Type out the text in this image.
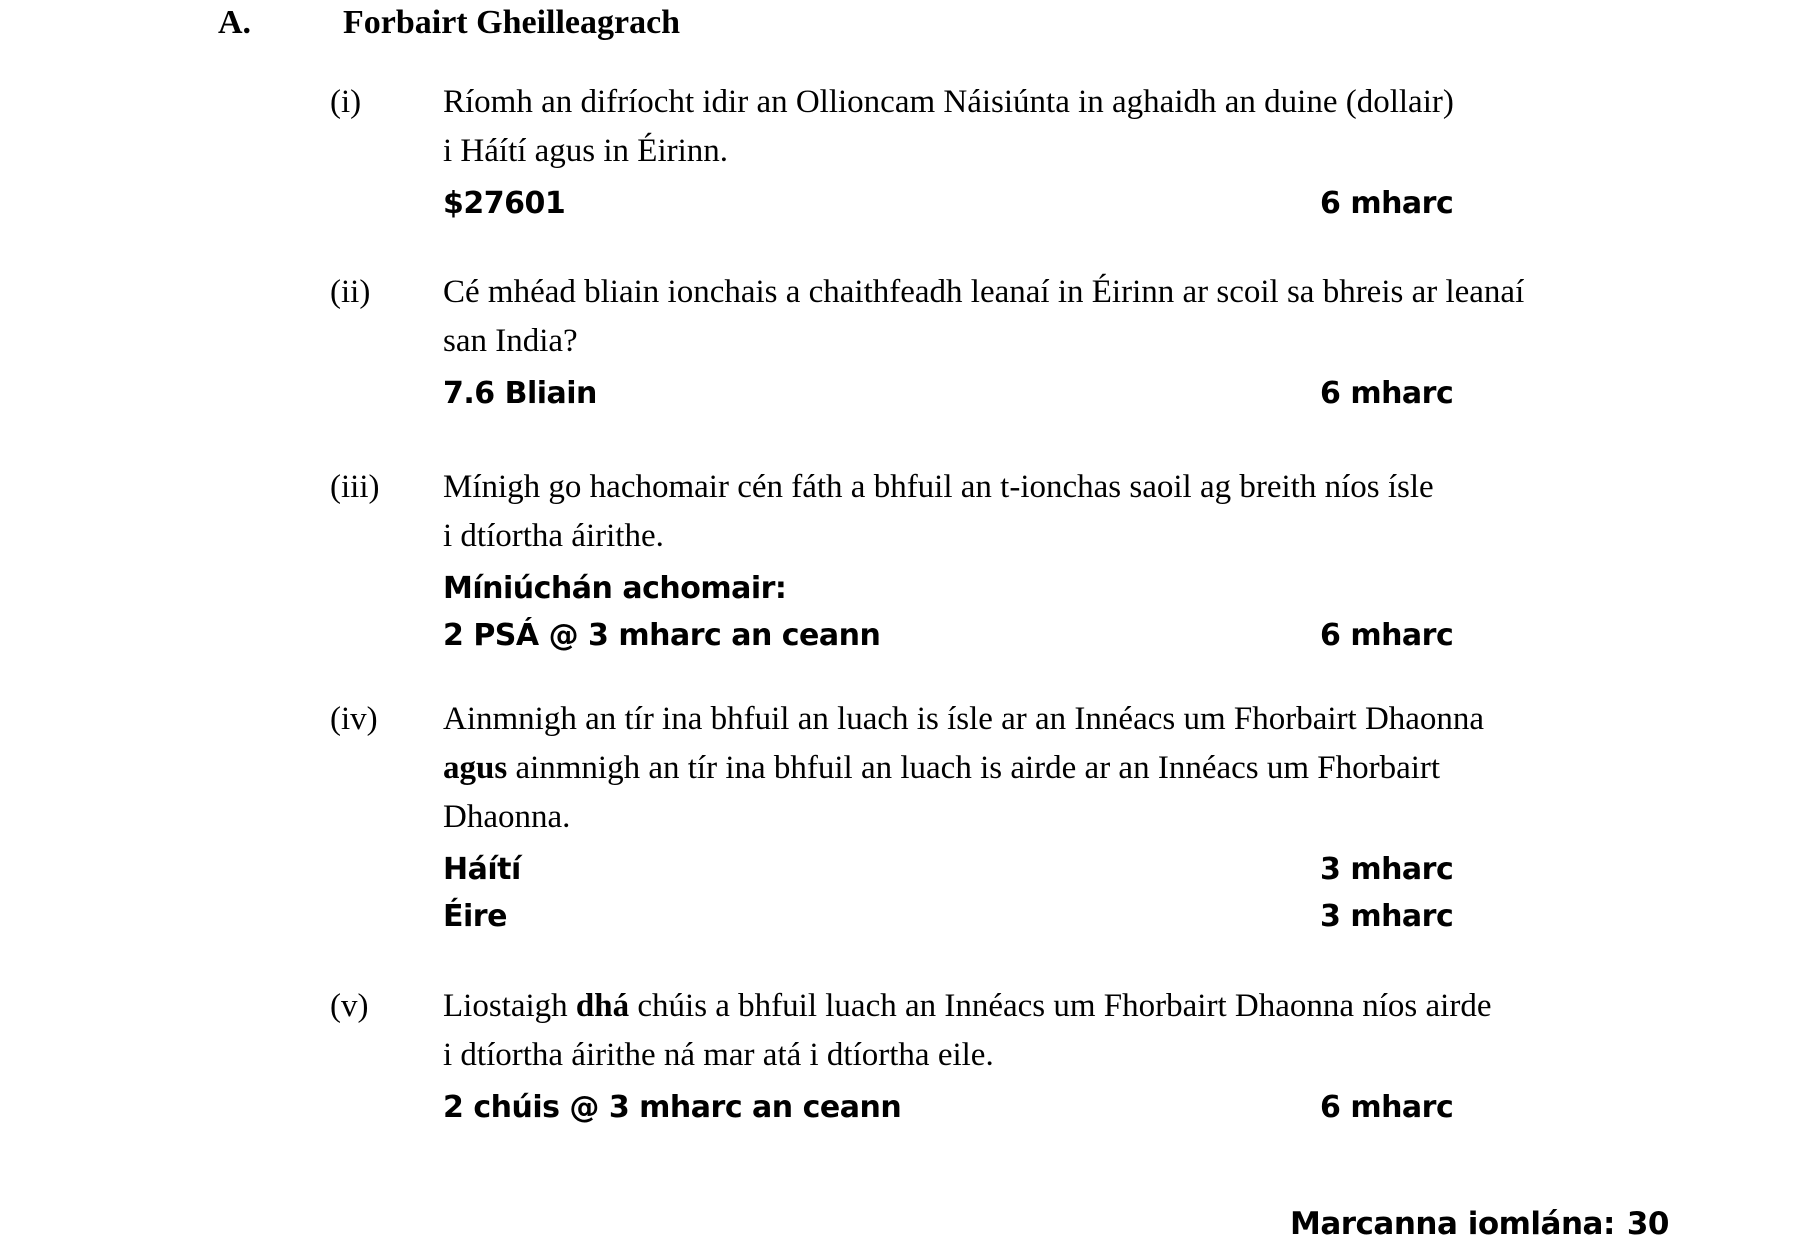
A.	Forbairt Gheilleagrach
(i)	Ríomh an difríocht idir an Ollioncam Náisiúnta in aghaidh an duine (dollair)
i Háítí agus in Éirinn.
$27601	6 mharc
(ii)	Cé mhéad bliain ionchais a chaithfeadh leanaí in Éirinn ar scoil sa bhreis ar leanaí
san India?
7.6 Bliain	6 mharc
(iii)	Mínigh go hachomair cén fáth a bhfuil an t-ionchas saoil ag breith níos ísle
i dtíortha áirithe.
Míniúchán achomair:
2 PSÁ @ 3 mharc an ceann	6 mharc
(iv)	Ainmnigh an tír ina bhfuil an luach is ísle ar an Innéacs um Fhorbairt Dhaonna
agus ainmnigh an tír ina bhfuil an luach is airde ar an Innéacs um Fhorbairt
Dhaonna.
Háítí	3 mharc
Éire	3 mharc
(v)	Liostaigh dhá chúis a bhfuil luach an Innéacs um Fhorbairt Dhaonna níos airde
i dtíortha áirithe ná mar atá i dtíortha eile.
2 chúis @ 3 mharc an ceann	6 mharc
Marcanna iomlána: 30
